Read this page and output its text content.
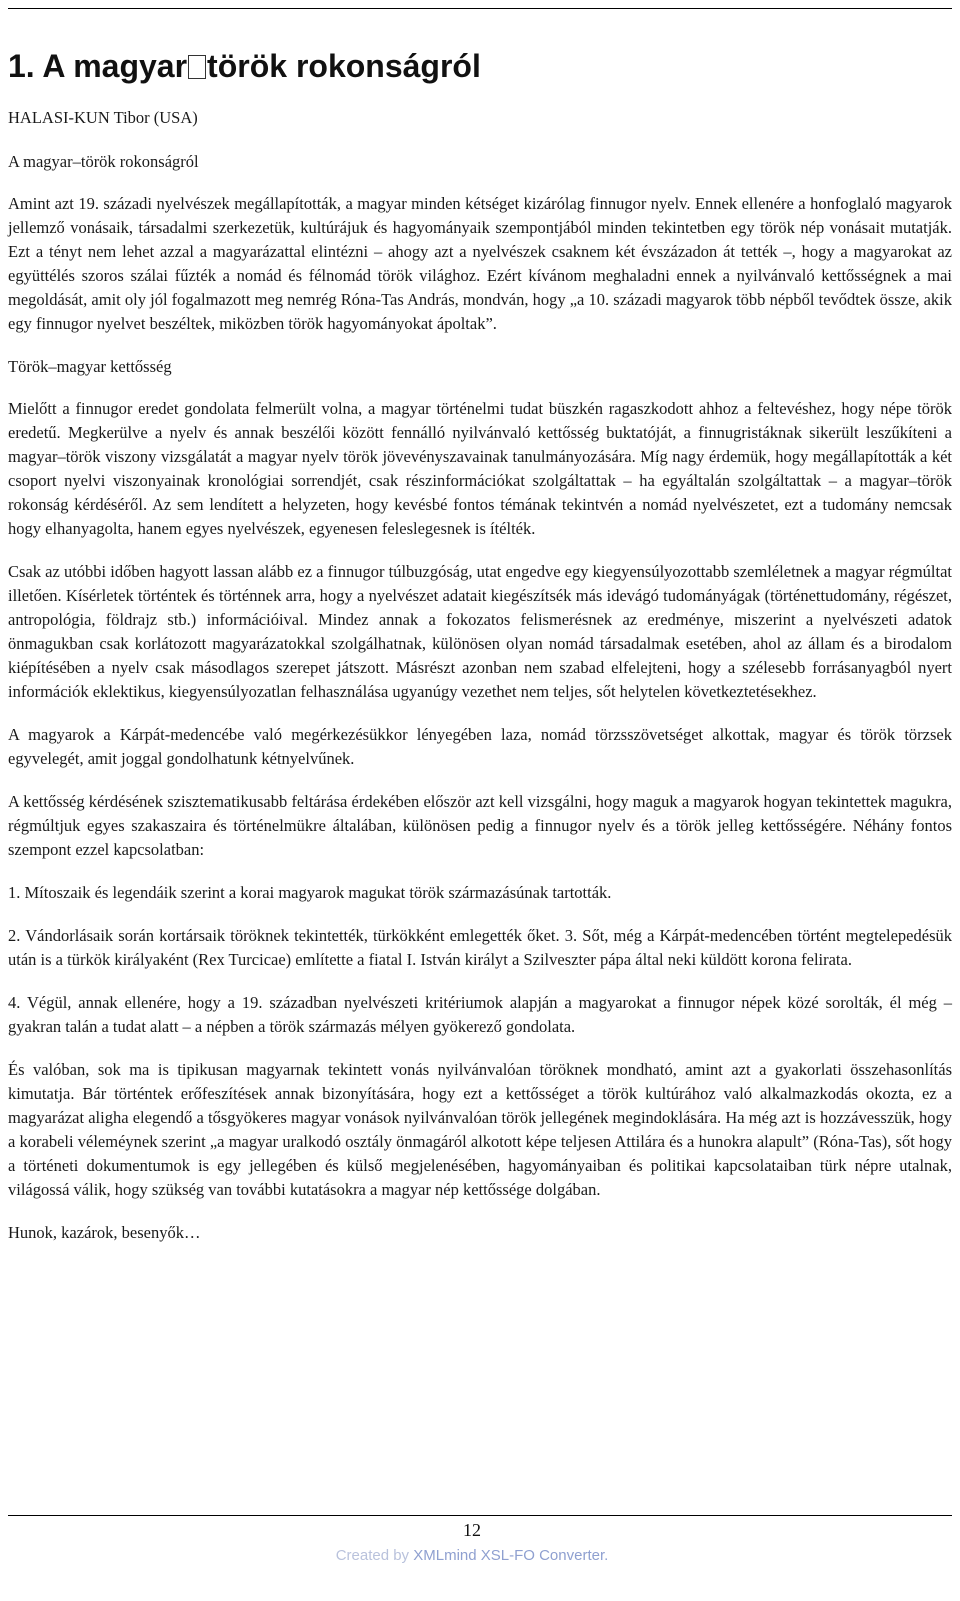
1. A magyar török rokonságról

HALASI-KUN Tibor (USA)

A magyar–török rokonságról

Amint azt 19. századi nyelvészek megállapították, a magyar minden kétséget kizárólag finnugor nyelv. Ennek ellenére a honfoglaló magyarok jellemző vonásaik, társadalmi szerkezetük, kultúrájuk és hagyományaik szempontjából minden tekintetben egy török nép vonásait mutatják. Ezt a tényt nem lehet azzal a magyarázattal elintézni – ahogy azt a nyelvészek csaknem két évszázadon át tették –, hogy a magyarokat az együttélés szoros szálai fűzték a nomád és félnomád török világhoz. Ezért kívánom meghaladni ennek a nyilvánvaló kettősségnek a mai megoldását, amit oly jól fogalmazott meg nemrég Róna-Tas András, mondván, hogy „a 10. századi magyarok több népből tevődtek össze, akik egy finnugor nyelvet beszéltek, miközben török hagyományokat ápoltak”.

Török–magyar kettősség

Mielőtt a finnugor eredet gondolata felmerült volna, a magyar történelmi tudat büszkén ragaszkodott ahhoz a feltevéshez, hogy népe török eredetű. Megkerülve a nyelv és annak beszélői között fennálló nyilvánvaló kettősség buktatóját, a finnugristáknak sikerült leszűkíteni a magyar–török viszony vizsgálatát a magyar nyelv török jövevényszavainak tanulmányozására. Míg nagy érdemük, hogy megállapították a két csoport nyelvi viszonyainak kronológiai sorrendjét, csak részinformációkat szolgáltattak – ha egyáltalán szolgáltattak – a magyar–török rokonság kérdéséről. Az sem lendített a helyzeten, hogy kevésbé fontos témának tekintvén a nomád nyelvészetet, ezt a tudomány nemcsak hogy elhanyagolta, hanem egyes nyelvészek, egyenesen feleslegesnek is ítélték.

Csak az utóbbi időben hagyott lassan alább ez a finnugor túlbuzgóság, utat engedve egy kiegyensúlyozottabb szemléletnek a magyar régmúltat illetően. Kísérletek történtek és történnek arra, hogy a nyelvészet adatait kiegészítsék más idevágó tudományágak (történettudomány, régészet, antropológia, földrajz stb.) információival. Mindez annak a fokozatos felismerésnek az eredménye, miszerint a nyelvészeti adatok önmagukban csak korlátozott magyarázatokkal szolgálhatnak, különösen olyan nomád társadalmak esetében, ahol az állam és a birodalom kiépítésében a nyelv csak másodlagos szerepet játszott. Másrészt azonban nem szabad elfelejteni, hogy a szélesebb forrásanyagból nyert információk eklektikus, kiegyensúlyozatlan felhasználása ugyanúgy vezethet nem teljes, sőt helytelen következtetésekhez.

A magyarok a Kárpát-medencébe való megérkezésükkor lényegében laza, nomád törzsszövetséget alkottak, magyar és török törzsek egyvelegét, amit joggal gondolhatunk kétnyelvűnek.

A kettősség kérdésének szisztematikusabb feltárása érdekében először azt kell vizsgálni, hogy maguk a magyarok hogyan tekintettek magukra, régmúltjuk egyes szakaszaira és történelmükre általában, különösen pedig a finnugor nyelv és a török jelleg kettősségére. Néhány fontos szempont ezzel kapcsolatban:

1. Mítoszaik és legendáik szerint a korai magyarok magukat török származásúnak tartották.

2. Vándorlásaik során kortársaik töröknek tekintették, türkökként emlegették őket. 3. Sőt, még a Kárpát-medencében történt megtelepedésük után is a türkök királyaként (Rex Turcicae) említette a fiatal I. István királyt a Szilveszter pápa által neki küldött korona felirata.

4. Végül, annak ellenére, hogy a 19. században nyelvészeti kritériumok alapján a magyarokat a finnugor népek közé sorolták, él még – gyakran talán a tudat alatt – a népben a török származás mélyen gyökerező gondolata.

És valóban, sok ma is tipikusan magyarnak tekintett vonás nyilvánvalóan töröknek mondható, amint azt a gyakorlati összehasonlítás kimutatja. Bár történtek erőfeszítések annak bizonyítására, hogy ezt a kettősséget a török kultúrához való alkalmazkodás okozta, ez a magyarázat aligha elegendő a tősgyökeres magyar vonások nyilvánvalóan török jellegének megindoklására. Ha még azt is hozzávesszük, hogy a korabeli véleméynek szerint „a magyar uralkodó osztály önmagáról alkotott képe teljesen Attilára és a hunokra alapult” (Róna-Tas), sőt hogy a történeti dokumentumok is egy jellegében és külső megjelenésében, hagyományaiban és politikai kapcsolataiban türk népre utalnak, világossá válik, hogy szükség van további kutatásokra a magyar nép kettőssége dolgában.

Hunok, kazárok, besenyők…

12
Created by XMLmind XSL-FO Converter.
